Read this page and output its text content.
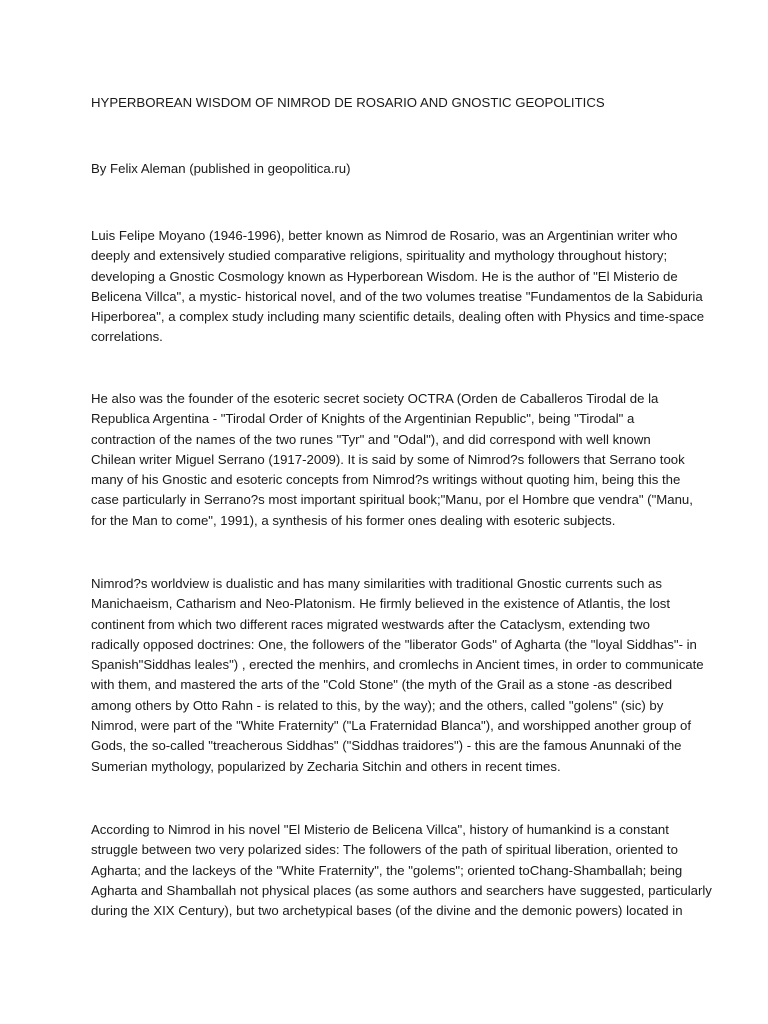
HYPERBOREAN WISDOM OF NIMROD DE ROSARIO AND GNOSTIC GEOPOLITICS
By Felix Aleman (published in geopolitica.ru)
Luis Felipe Moyano (1946-1996), better known as Nimrod de Rosario, was an Argentinian writer who
deeply and extensively studied comparative religions, spirituality and mythology throughout history;
developing a Gnostic Cosmology known as Hyperborean Wisdom. He is the author of "El Misterio de
Belicena Villca", a mystic- historical novel, and of the two volumes treatise "Fundamentos de la Sabiduria
Hiperborea", a complex study including many scientific details, dealing often with Physics and time-space
correlations.
He also was the founder of the esoteric secret society OCTRA (Orden de Caballeros Tirodal de la
Republica Argentina - "Tirodal Order of Knights of the Argentinian Republic", being "Tirodal" a
contraction of the names of the two runes "Tyr" and "Odal"), and did correspond with well known
Chilean writer Miguel Serrano (1917-2009). It is said by some of Nimrod?s followers that Serrano took
many of his Gnostic and esoteric concepts from Nimrod?s writings without quoting him, being this the
case particularly in Serrano?s most important spiritual book;"Manu, por el Hombre que vendra" ("Manu,
for the Man to come", 1991), a synthesis of his former ones dealing with esoteric subjects.
Nimrod?s worldview is dualistic and has many similarities with traditional Gnostic currents such as
Manichaeism, Catharism and Neo-Platonism. He firmly believed in the existence of Atlantis, the lost
continent from which two different races migrated westwards after the Cataclysm, extending two
radically opposed doctrines: One, the followers of the "liberator Gods" of Agharta (the "loyal Siddhas"- in
Spanish"Siddhas leales") , erected the menhirs, and cromlechs in Ancient times, in order to communicate
with them, and mastered the arts of the "Cold Stone" (the myth of the Grail as a stone -as described
among others by Otto Rahn - is related to this, by the way); and the others, called "golens" (sic) by
Nimrod, were part of the "White Fraternity" ("La Fraternidad Blanca"), and worshipped another group of
Gods, the so-called "treacherous Siddhas" ("Siddhas traidores") - this are the famous Anunnaki of the
Sumerian mythology, popularized by Zecharia Sitchin and others in recent times.
According to Nimrod in his novel "El Misterio de Belicena Villca", history of humankind is a constant
struggle between two very polarized sides: The followers of the path of spiritual liberation, oriented to
Agharta; and the lackeys of the "White Fraternity", the "golems"; oriented toChang-Shamballah; being
Agharta and Shamballah not physical places (as some authors and searchers have suggested, particularly
during the XIX Century), but two archetypical bases (of the divine and the demonic powers) located in
